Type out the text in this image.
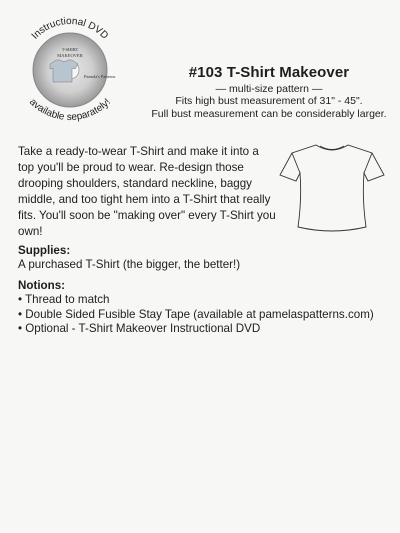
Instructional DVD
T-SHIRT
MAKEOVER
Pamela's Patterns
available separately!
#103 T-Shirt Makeover
— multi-size pattern —
Fits high bust measurement of 31" - 45".
Full bust measurement can be considerably larger.

Take a ready-to-wear T-Shirt and make it into a top you'll be proud to wear. Re-design those drooping shoulders, standard neckline, baggy middle, and too tight hem into a T-Shirt that really fits. You'll soon be "making over" every T-Shirt you own!

Supplies:

A purchased T-Shirt (the bigger, the better!)

Notions:
• Thread to match
• Double Sided Fusible Stay Tape (available at pamelaspatterns.com)
• Optional - T-Shirt Makeover Instructional DVD
